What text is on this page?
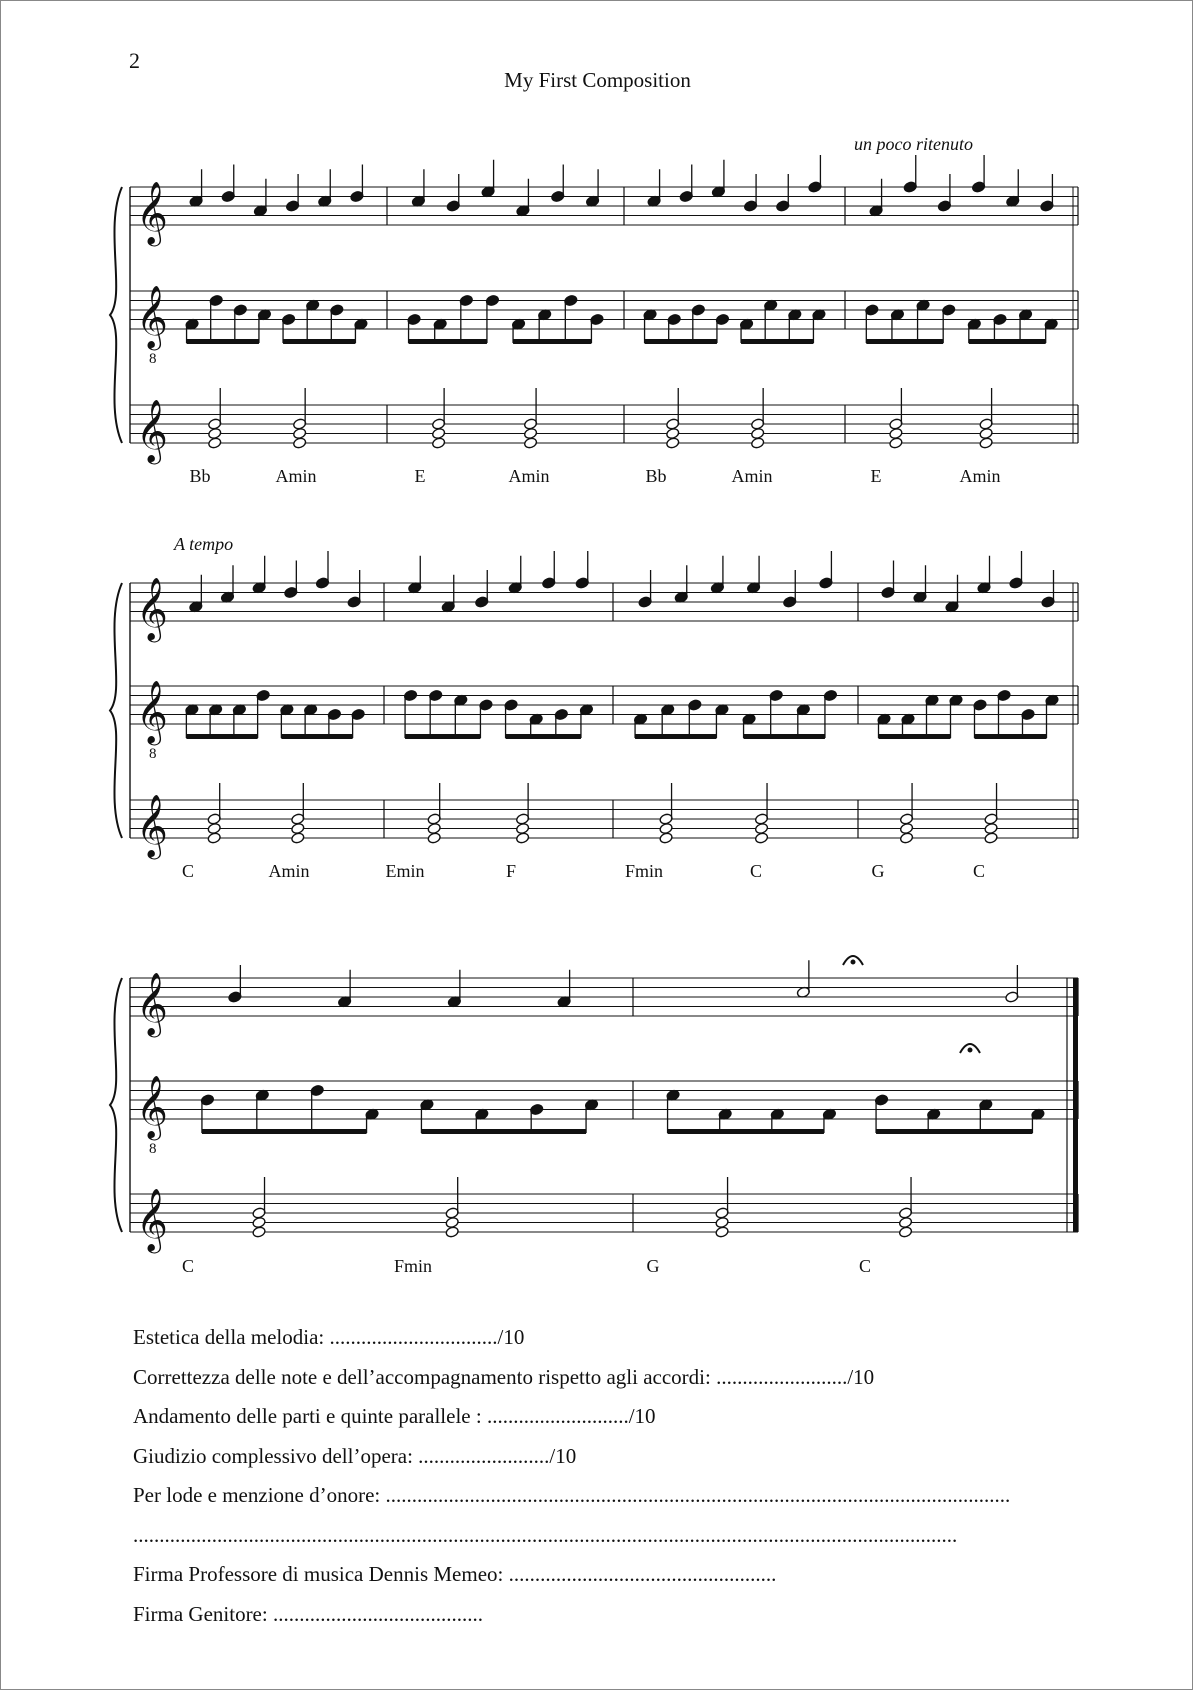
2
My First Composition
un poco ritenuto
A tempo
Bb	Amin	E	Amin	Bb	Amin	E	Amin
C	Amin	Emin	F	Fmin	C	G	C
C	Fmin	G	C
𝄞
𝄞
𝄞
8
𝄞
𝄞
𝄞
8
𝄞
𝄞
𝄞
8
Estetica della melodia: ................................/10
Correttezza delle note e dell’accompagnamento rispetto agli accordi: ........................./10
Andamento delle parti e quinte parallele : .........................../10
Giudizio complessivo dell’opera: ........................./10
Per lode e menzione d’onore: .......................................................................................................................
.............................................................................................................................................................
Firma Professore di musica Dennis Memeo: ...................................................
Firma Genitore: ........................................
